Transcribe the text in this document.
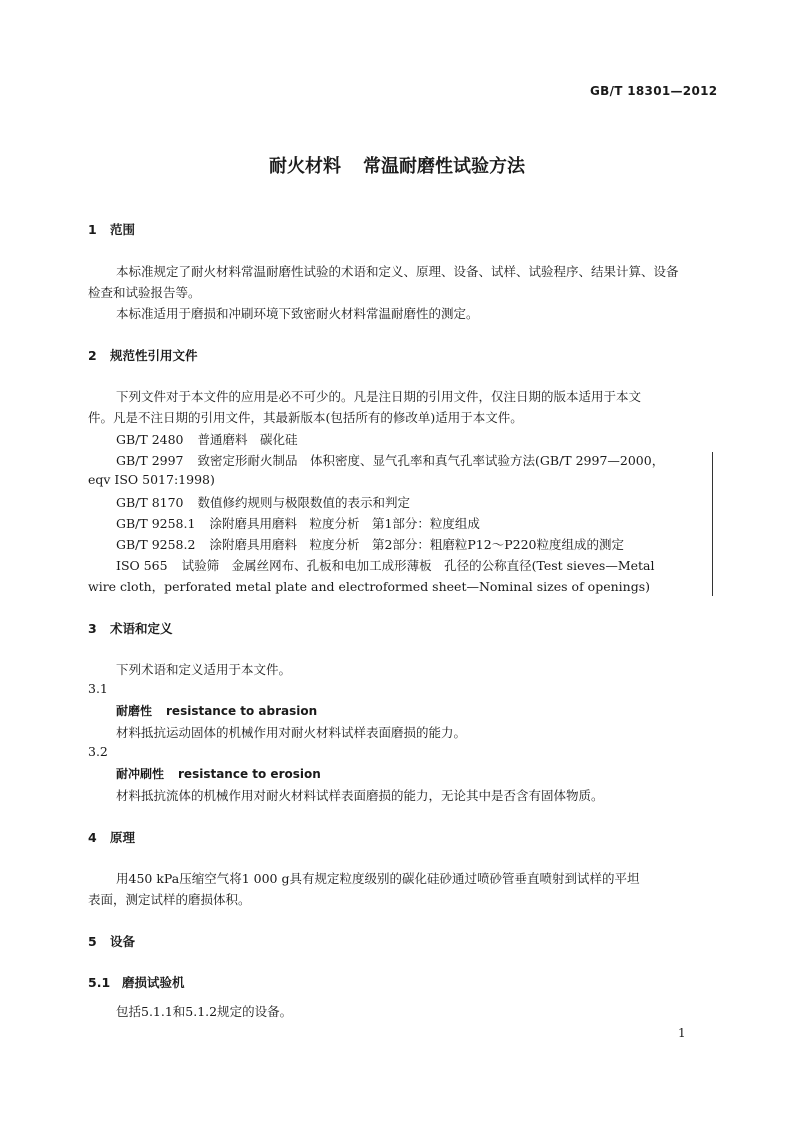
GB/T 18301—2012
耐火材料 常温耐磨性试验方法
1 范围
本标准规定了耐火材料常温耐磨性试验的术语和定义、原理、设备、试样、试验程序、结果计算、设备
检查和试验报告等。
本标准适用于磨损和冲刷环境下致密耐火材料常温耐磨性的测定。
2 规范性引用文件
下列文件对于本文件的应用是必不可少的。凡是注日期的引用文件，仅注日期的版本适用于本文
件。凡是不注日期的引用文件，其最新版本(包括所有的修改单)适用于本文件。
GB/T 2480 普通磨料　碳化硅
GB/T 2997 致密定形耐火制品　体积密度、显气孔率和真气孔率试验方法(GB/T 2997—2000，
eqv ISO 5017:1998)
GB/T 8170 数值修约规则与极限数值的表示和判定
GB/T 9258.1 涂附磨具用磨料　粒度分析　第1部分：粒度组成
GB/T 9258.2 涂附磨具用磨料　粒度分析　第2部分：粗磨粒P12～P220粒度组成的测定
ISO 565 试验筛　金属丝网布、孔板和电加工成形薄板　孔径的公称直径(Test sieves—Metal
wire cloth，perforated metal plate and electroformed sheet—Nominal sizes of openings)
3 术语和定义
下列术语和定义适用于本文件。
3.1
耐磨性 resistance to abrasion
材料抵抗运动固体的机械作用对耐火材料试样表面磨损的能力。
3.2
耐冲刷性 resistance to erosion
材料抵抗流体的机械作用对耐火材料试样表面磨损的能力，无论其中是否含有固体物质。
4 原理
用450 kPa压缩空气将1 000 g具有规定粒度级别的碳化硅砂通过喷砂管垂直喷射到试样的平坦
表面，测定试样的磨损体积。
5 设备
5.1 磨损试验机
包括5.1.1和5.1.2规定的设备。
1
